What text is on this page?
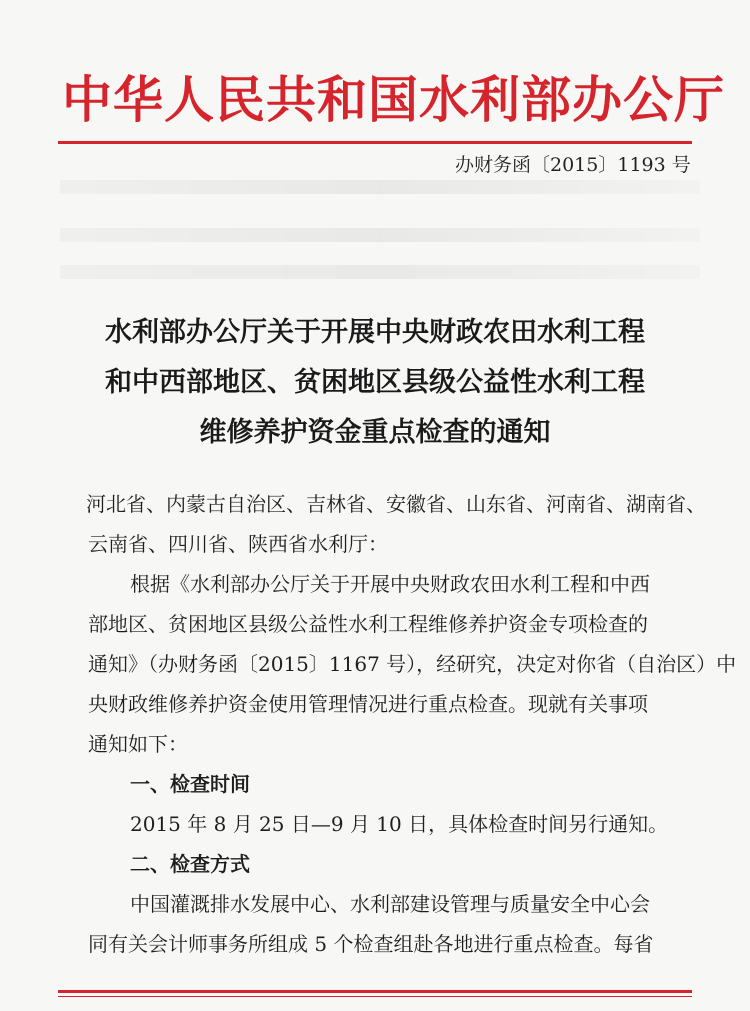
中华人民共和国水利部办公厅
办财务函〔2015〕1193 号
水利部办公厅关于开展中央财政农田水利工程
和中西部地区、贫困地区县级公益性水利工程
维修养护资金重点检查的通知
河北省、内蒙古自治区、吉林省、安徽省、山东省、河南省、湖南省、
云南省、四川省、陕西省水利厅：
根据《水利部办公厅关于开展中央财政农田水利工程和中西
部地区、贫困地区县级公益性水利工程维修养护资金专项检查的
通知》（办财务函〔2015〕1167 号），经研究，决定对你省（自治区）中
央财政维修养护资金使用管理情况进行重点检查。现就有关事项
通知如下：
一、检查时间
2015 年 8 月 25 日—9 月 10 日，具体检查时间另行通知。
二、检查方式
中国灌溉排水发展中心、水利部建设管理与质量安全中心会
同有关会计师事务所组成 5 个检查组赴各地进行重点检查。每省
